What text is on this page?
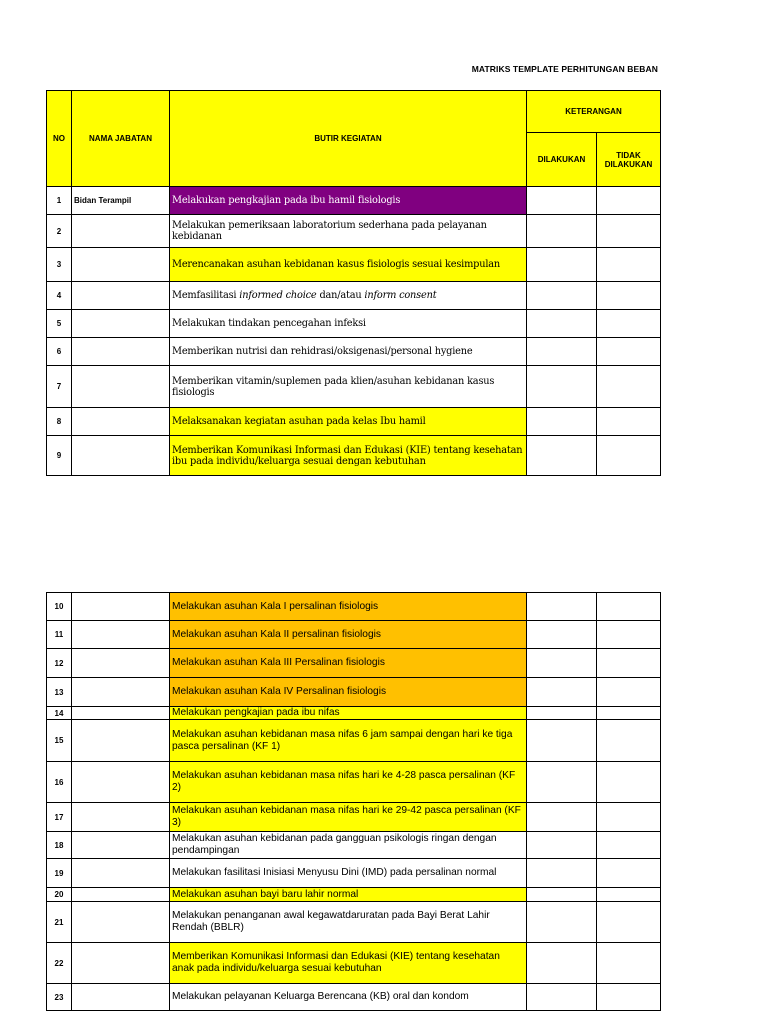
MATRIKS TEMPLATE PERHITUNGAN BEBAN
NO	NAMA JABATAN	BUTIR KEGIATAN	KETERANGAN	
			DILAKUKAN	TIDAK DILAKUKAN
1	Bidan Terampil	Melakukan pengkajian pada ibu hamil fisiologis		
2		Melakukan pemeriksaan laboratorium sederhana pada pelayanan kebidanan		
3		Merencanakan asuhan kebidanan kasus fisiologis sesuai kesimpulan		
4		Memfasilitasi informed choice dan/atau inform consent		
5		Melakukan tindakan pencegahan infeksi		
6		Memberikan nutrisi dan rehidrasi/oksigenasi/personal hygiene		
7		Memberikan vitamin/suplemen pada klien/asuhan kebidanan kasus fisiologis		
8		Melaksanakan kegiatan asuhan pada kelas Ibu hamil		
9		Memberikan Komunikasi Informasi dan Edukasi (KIE) tentang kesehatan ibu pada individu/keluarga sesuai dengan kebutuhan		
10		Melakukan asuhan Kala I persalinan fisiologis		
11		Melakukan asuhan Kala II persalinan fisiologis		
12		Melakukan asuhan Kala III Persalinan fisiologis		
13		Melakukan asuhan Kala IV Persalinan fisiologis		
14		Melakukan pengkajian pada ibu nifas		
15		Melakukan asuhan kebidanan masa nifas 6 jam sampai dengan hari ke tiga pasca persalinan (KF 1)		
16		Melakukan asuhan kebidanan masa nifas hari ke 4-28 pasca persalinan (KF 2)		
17		Melakukan asuhan kebidanan masa nifas hari ke 29-42 pasca persalinan (KF 3)		
18		Melakukan asuhan kebidanan pada gangguan psikologis ringan dengan pendampingan		
19		Melakukan fasilitasi Inisiasi Menyusu Dini (IMD) pada persalinan normal		
20		Melakukan asuhan bayi baru lahir normal		
21		Melakukan penanganan awal kegawatdaruratan pada Bayi Berat Lahir Rendah (BBLR)		
22		Memberikan Komunikasi Informasi dan Edukasi (KIE) tentang kesehatan anak pada individu/keluarga sesuai kebutuhan		
23		Melakukan pelayanan Keluarga Berencana (KB) oral dan kondom		
